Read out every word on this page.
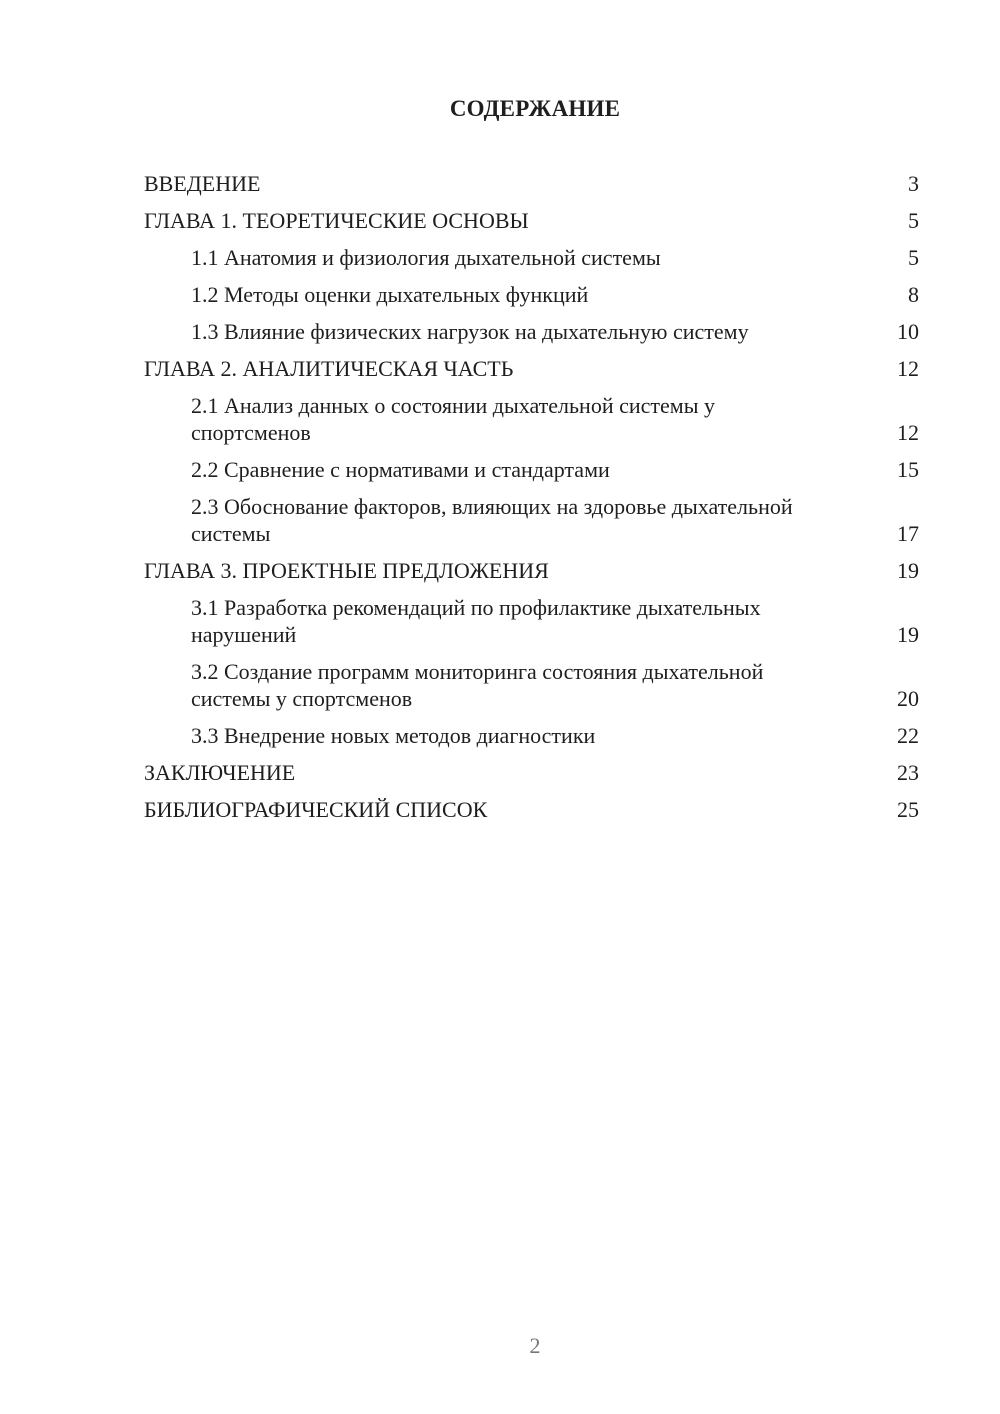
СОДЕРЖАНИЕ
ВВЕДЕНИЕ	3
ГЛАВА 1. ТЕОРЕТИЧЕСКИЕ ОСНОВЫ	5
1.1 Анатомия и физиология дыхательной системы	5
1.2 Методы оценки дыхательных функций	8
1.3 Влияние физических нагрузок на дыхательную систему	10
ГЛАВА 2. АНАЛИТИЧЕСКАЯ ЧАСТЬ	12
2.1 Анализ данных о состоянии дыхательной системы у спортсменов	12
2.2 Сравнение с нормативами и стандартами	15
2.3 Обоснование факторов, влияющих на здоровье дыхательной системы	17
ГЛАВА 3. ПРОЕКТНЫЕ ПРЕДЛОЖЕНИЯ	19
3.1 Разработка рекомендаций по профилактике дыхательных нарушений	19
3.2 Создание программ мониторинга состояния дыхательной системы у спортсменов	20
3.3 Внедрение новых методов диагностики	22
ЗАКЛЮЧЕНИЕ	23
БИБЛИОГРАФИЧЕСКИЙ СПИСОК	25
2
